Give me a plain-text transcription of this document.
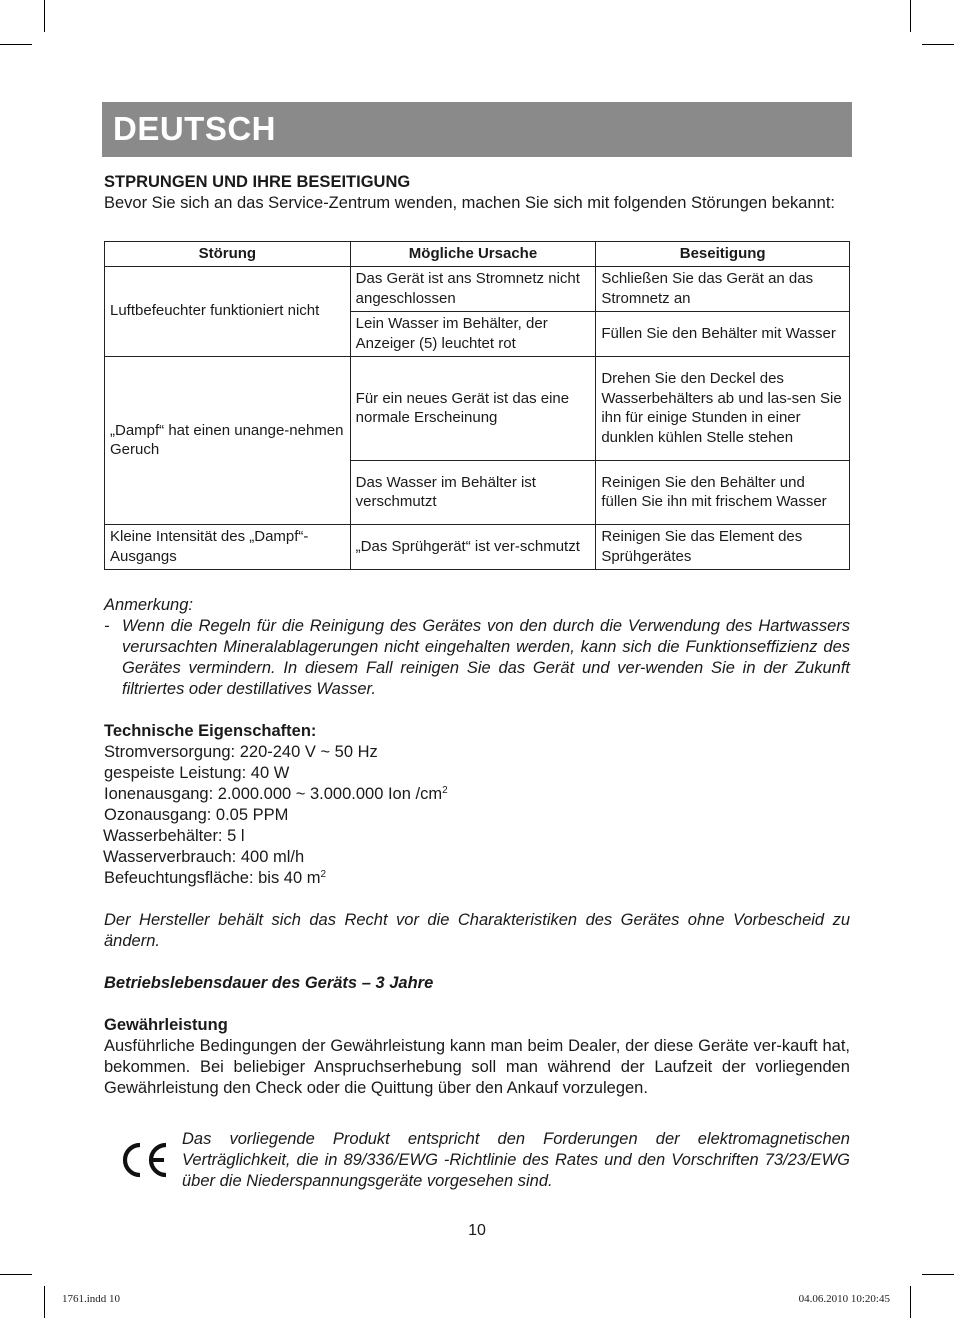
DEUTSCH

STPRUNGEN UND IHRE BESEITIGUNG

Bevor Sie sich an das Service-Zentrum wenden, machen Sie sich mit folgenden Störungen bekannt:

Störung	Mögliche Ursache	Beseitigung
Luftbefeuchter funktioniert nicht	Das Gerät ist ans Stromnetz nicht angeschlossen	Schließen Sie das Gerät an das Stromnetz an
	Lein Wasser im Behälter, der Anzeiger (5) leuchtet rot	Füllen Sie den Behälter mit Wasser
„Dampf“ hat einen unange-nehmen Geruch	Für ein neues Gerät ist das eine normale Erscheinung	Drehen Sie den Deckel des Wasserbehälters ab und las-sen Sie ihn für einige Stunden in einer dunklen kühlen Stelle stehen
	Das Wasser im Behälter ist verschmutzt	Reinigen Sie den Behälter und füllen Sie ihn mit frischem Wasser
Kleine Intensität des „Dampf“-Ausgangs	„Das Sprühgerät“ ist ver-schmutzt	Reinigen Sie das Element des Sprühgerätes

Anmerkung:

- Wenn die Regeln für die Reinigung des Gerätes von den durch die Verwendung des Hartwassers verursachten Mineralablagerungen nicht eingehalten werden, kann sich die Funktionseffizienz des Gerätes vermindern. In diesem Fall reinigen Sie das Gerät und ver-wenden Sie in der Zukunft filtriertes oder destillatives Wasser.

Technische Eigenschaften:

Stromversorgung: 220-240 V ~ 50 Hz
gespeiste Leistung: 40 W
Ionenausgang: 2.000.000 ~ 3.000.000 Ion $/cm^2$
Ozonausgang: 0.05 PPM
Wasserbehälter: 5 l
Wasserverbrauch: 400 ml/h
Befeuchtungsfläche: bis 40 $m^2$

Der Hersteller behält sich das Recht vor die Charakteristiken des Gerätes ohne Vorbescheid zu ändern.

Betriebslebensdauer des Geräts – 3 Jahre

Gewährleistung

Ausführliche Bedingungen der Gewährleistung kann man beim Dealer, der diese Geräte ver-kauft hat, bekommen. Bei beliebiger Anspruchserhebung soll man während der Laufzeit der vorliegenden Gewährleistung den Check oder die Quittung über den Ankauf vorzulegen.

Das vorliegende Produkt entspricht den Forderungen der elektromagnetischen Verträglichkeit, die in 89/336/EWG -Richtlinie des Rates und den Vorschriften 73/23/EWG über die Niederspannungsgeräte vorgesehen sind.

10
1761.indd 10	04.06.2010 10:20:45
